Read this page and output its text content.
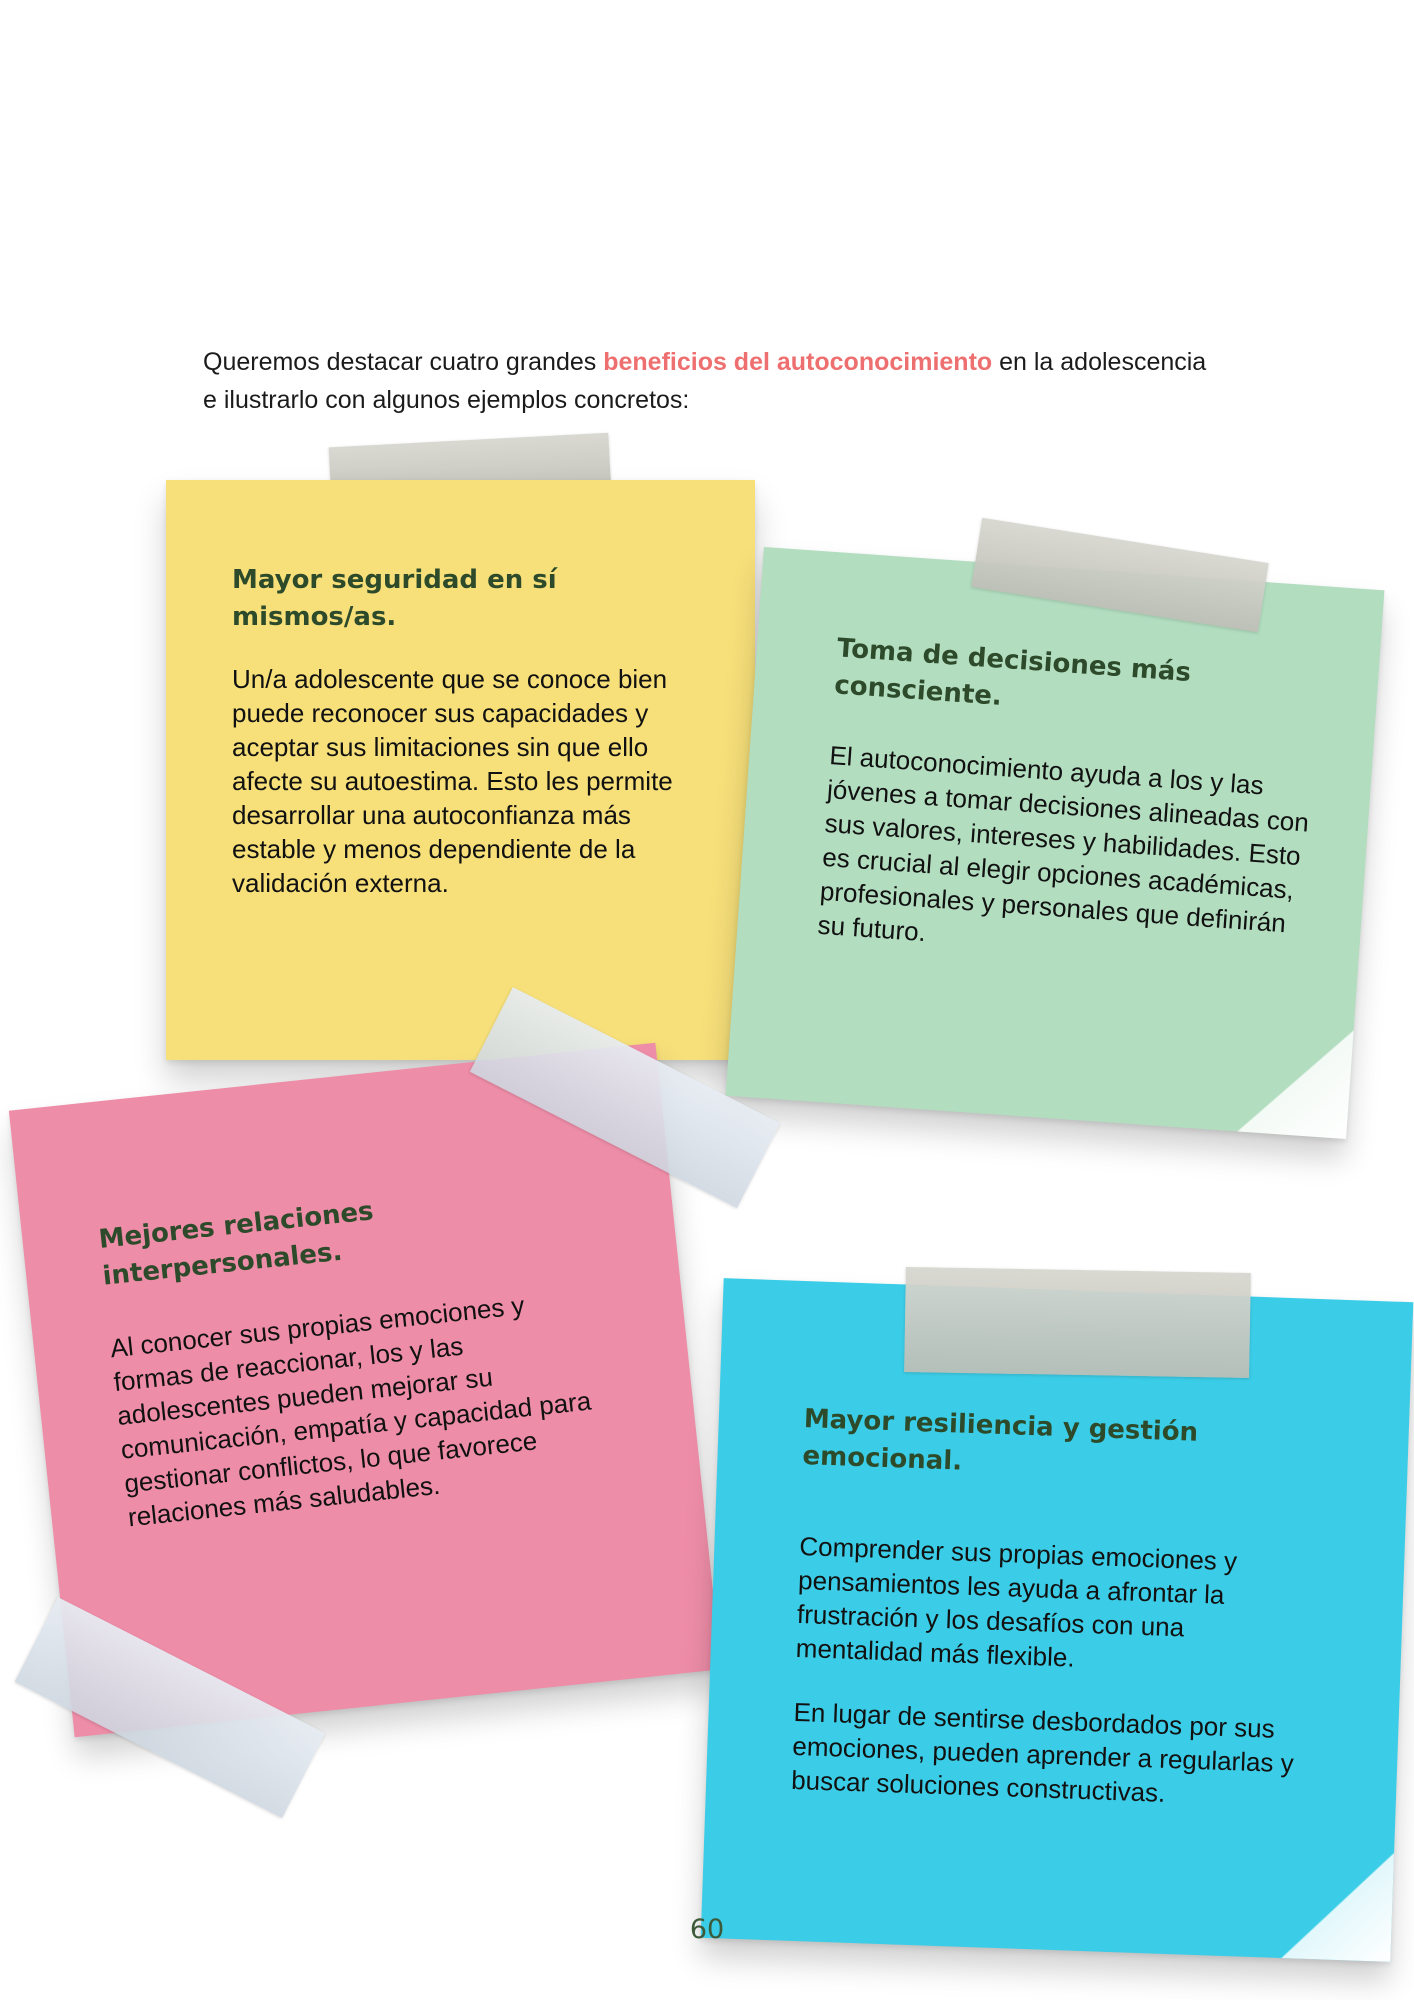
Queremos destacar cuatro grandes beneficios del autoconocimiento en la adolescencia e ilustrarlo con algunos ejemplos concretos:

Mayor seguridad en sí mismos/as.

Un/a adolescente que se conoce bien puede reconocer sus capacidades y aceptar sus limitaciones sin que ello afecte su autoestima. Esto les permite desarrollar una autoconfianza más estable y menos dependiente de la validación externa.

Toma de decisiones más consciente.

El autoconocimiento ayuda a los y las jóvenes a tomar decisiones alineadas con sus valores, intereses y habilidades. Esto es crucial al elegir opciones académicas, profesionales y personales que definirán su futuro.

Mejores relaciones interpersonales.

Al conocer sus propias emociones y formas de reaccionar, los y las adolescentes pueden mejorar su comunicación, empatía y capacidad para gestionar conflictos, lo que favorece relaciones más saludables.

Mayor resiliencia y gestión emocional.

Comprender sus propias emociones y pensamientos les ayuda a afrontar la frustración y los desafíos con una mentalidad más flexible.

En lugar de sentirse desbordados por sus emociones, pueden aprender a regularlas y buscar soluciones constructivas.

60
